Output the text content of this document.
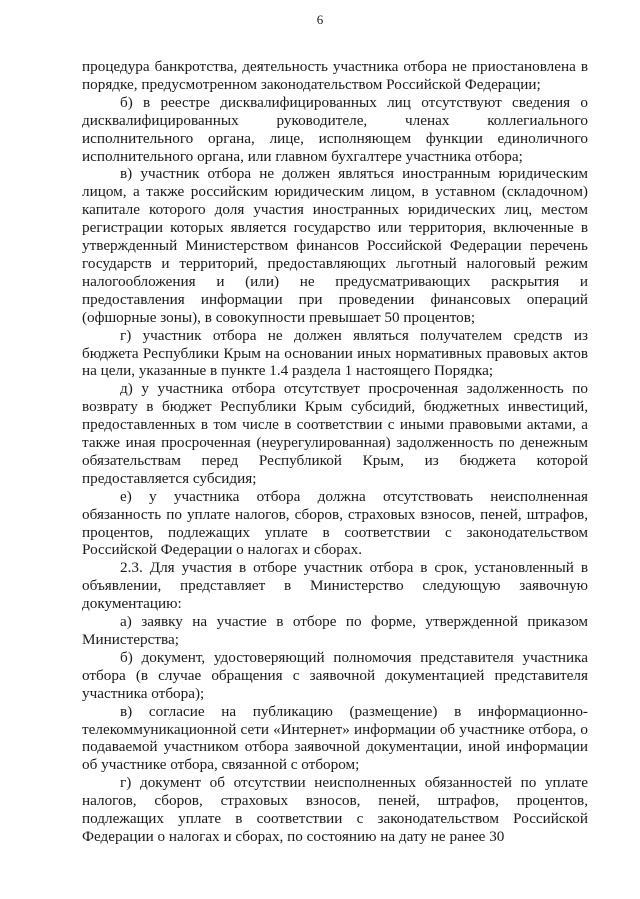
6

процедура банкротства, деятельность участника отбора не приостановлена в порядке, предусмотренном законодательством Российской Федерации;

б) в реестре дисквалифицированных лиц отсутствуют сведения о дисквалифицированных руководителе, членах коллегиального исполнительного органа, лице, исполняющем функции единоличного исполнительного органа, или главном бухгалтере участника отбора;

в) участник отбора не должен являться иностранным юридическим лицом, а также российским юридическим лицом, в уставном (складочном) капитале которого доля участия иностранных юридических лиц, местом регистрации которых является государство или территория, включенные в утвержденный Министерством финансов Российской Федерации перечень государств и территорий, предоставляющих льготный налоговый режим налогообложения и (или) не предусматривающих раскрытия и предоставления информации при проведении финансовых операций (офшорные зоны), в совокупности превышает 50 процентов;

г) участник отбора не должен являться получателем средств из бюджета Республики Крым на основании иных нормативных правовых актов на цели, указанные в пункте 1.4 раздела 1 настоящего Порядка;

д) у участника отбора отсутствует просроченная задолженность по возврату в бюджет Республики Крым субсидий, бюджетных инвестиций, предоставленных в том числе в соответствии с иными правовыми актами, а также иная просроченная (неурегулированная) задолженность по денежным обязательствам перед Республикой Крым, из бюджета которой предоставляется субсидия;

е) у участника отбора должна отсутствовать неисполненная обязанность по уплате налогов, сборов, страховых взносов, пеней, штрафов, процентов, подлежащих уплате в соответствии с законодательством Российской Федерации о налогах и сборах.

2.3. Для участия в отборе участник отбора в срок, установленный в объявлении, представляет в Министерство следующую заявочную документацию:

а) заявку на участие в отборе по форме, утвержденной приказом Министерства;

б) документ, удостоверяющий полномочия представителя участника отбора (в случае обращения с заявочной документацией представителя участника отбора);

в) согласие на публикацию (размещение) в информационно-телекоммуникационной сети «Интернет» информации об участнике отбора, о подаваемой участником отбора заявочной документации, иной информации об участнике отбора, связанной с отбором;

г) документ об отсутствии неисполненных обязанностей по уплате налогов, сборов, страховых взносов, пеней, штрафов, процентов, подлежащих уплате в соответствии с законодательством Российской Федерации о налогах и сборах, по состоянию на дату не ранее 30
